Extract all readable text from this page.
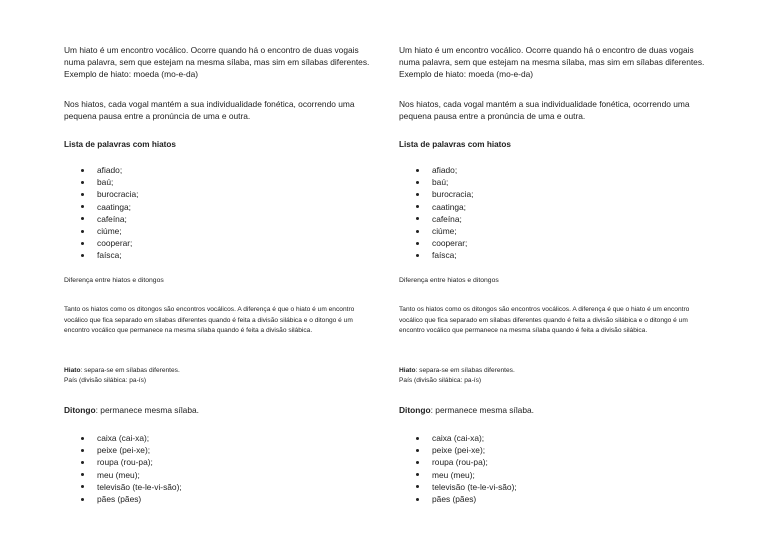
Um hiato é um encontro vocálico. Ocorre quando há o encontro de duas vogais numa palavra, sem que estejam na mesma sílaba, mas sim em sílabas diferentes. Exemplo de hiato: moeda (mo-e-da)

Nos hiatos, cada vogal mantém a sua individualidade fonética, ocorrendo uma pequena pausa entre a pronúncia de uma e outra.

Lista de palavras com hiatos

afiado;
baú;
burocracia;
caatinga;
cafeína;
ciúme;
cooperar;
faísca;

Diferença entre hiatos e ditongos

Tanto os hiatos como os ditongos são encontros vocálicos. A diferença é que o hiato é um encontro vocálico que fica separado em sílabas diferentes quando é feita a divisão silábica e o ditongo é um encontro vocálico que permanece na mesma sílaba quando é feita a divisão silábica.

Hiato: separa-se em sílabas diferentes.

País (divisão silábica: pa-ís)

Ditongo: permanece mesma sílaba.

caixa (cai-xa);
peixe (pei-xe);
roupa (rou-pa);
meu (meu);
televisão (te-le-vi-são);
pães (pães)

Um hiato é um encontro vocálico. Ocorre quando há o encontro de duas vogais numa palavra, sem que estejam na mesma sílaba, mas sim em sílabas diferentes. Exemplo de hiato: moeda (mo-e-da)

Nos hiatos, cada vogal mantém a sua individualidade fonética, ocorrendo uma pequena pausa entre a pronúncia de uma e outra.

Lista de palavras com hiatos

afiado;
baú;
burocracia;
caatinga;
cafeína;
ciúme;
cooperar;
faísca;

Diferença entre hiatos e ditongos

Tanto os hiatos como os ditongos são encontros vocálicos. A diferença é que o hiato é um encontro vocálico que fica separado em sílabas diferentes quando é feita a divisão silábica e o ditongo é um encontro vocálico que permanece na mesma sílaba quando é feita a divisão silábica.

Hiato: separa-se em sílabas diferentes.

País (divisão silábica: pa-ís)

Ditongo: permanece mesma sílaba.

caixa (cai-xa);
peixe (pei-xe);
roupa (rou-pa);
meu (meu);
televisão (te-le-vi-são);
pães (pães)
